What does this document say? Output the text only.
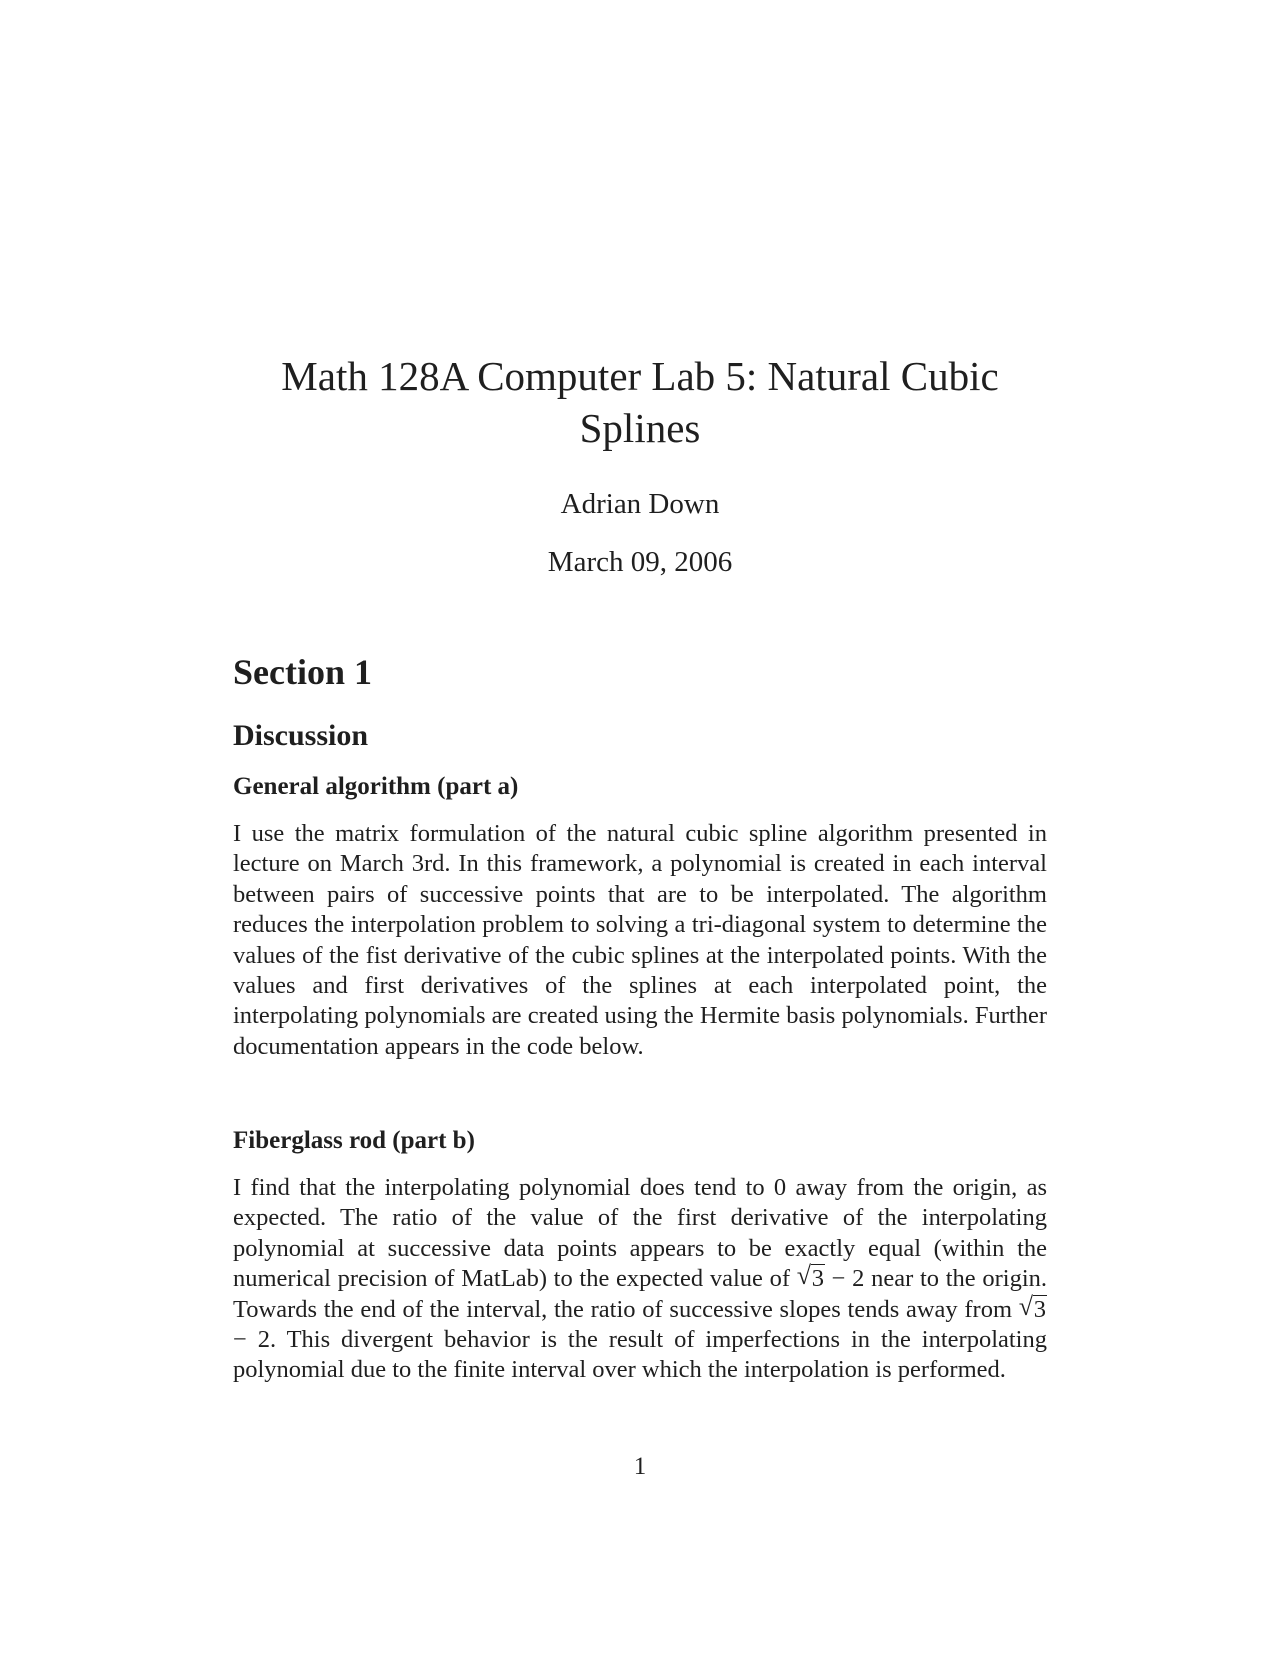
Math 128A Computer Lab 5: Natural Cubic Splines
Adrian Down
March 09, 2006
Section 1
Discussion
General algorithm (part a)

I use the matrix formulation of the natural cubic spline algorithm presented in lecture on March 3rd. In this framework, a polynomial is created in each interval between pairs of successive points that are to be interpolated. The algorithm reduces the interpolation problem to solving a tri-diagonal system to determine the values of the fist derivative of the cubic splines at the interpolated points. With the values and first derivatives of the splines at each interpolated point, the interpolating polynomials are created using the Hermite basis polynomials. Further documentation appears in the code below.

Fiberglass rod (part b)

I find that the interpolating polynomial does tend to 0 away from the origin, as expected. The ratio of the value of the first derivative of the interpolating polynomial at successive data points appears to be exactly equal (within the numerical precision of MatLab) to the expected value of √ 3 − 2 near to the origin. Towards the end of the interval, the ratio of successive slopes tends away from √ 3 − 2. This divergent behavior is the result of imperfections in the interpolating polynomial due to the finite interval over which the interpolation is performed.

1
